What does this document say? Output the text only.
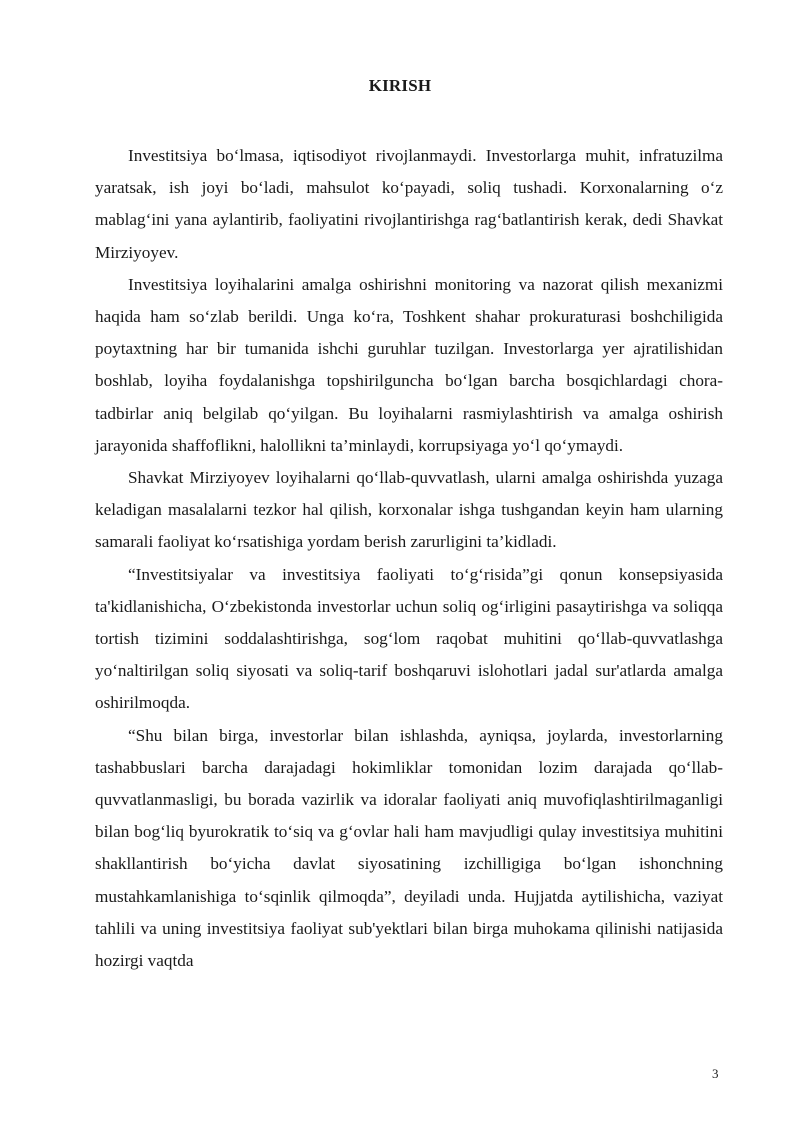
KIRISH

Investitsiya bo‘lmasa, iqtisodiyot rivojlanmaydi. Investorlarga muhit, infratuzilma yaratsak, ish joyi bo‘ladi, mahsulot ko‘payadi, soliq tushadi. Korxonalarning o‘z mablag‘ini yana aylantirib, faoliyatini rivojlantirishga rag‘batlantirish kerak, dedi Shavkat Mirziyoyev.

Investitsiya loyihalarini amalga oshirishni monitoring va nazorat qilish mexanizmi haqida ham so‘zlab berildi. Unga ko‘ra, Toshkent shahar prokuraturasi boshchiligida poytaxtning har bir tumanida ishchi guruhlar tuzilgan. Investorlarga yer ajratilishidan boshlab, loyiha foydalanishga topshirilguncha bo‘lgan barcha bosqichlardagi chora-tadbirlar aniq belgilab qo‘yilgan. Bu loyihalarni rasmiylashtirish va amalga oshirish jarayonida shaffoflikni, halollikni ta’minlaydi, korrupsiyaga yo‘l qo‘ymaydi.

Shavkat Mirziyoyev loyihalarni qo‘llab-quvvatlash, ularni amalga oshirishda yuzaga keladigan masalalarni tezkor hal qilish, korxonalar ishga tushgandan keyin ham ularning samarali faoliyat ko‘rsatishiga yordam berish zarurligini ta’kidladi.

“Investitsiyalar va investitsiya faoliyati to‘g‘risida”gi qonun konsepsiyasida ta'kidlanishicha, O‘zbekistonda investorlar uchun soliq og‘irligini pasaytirishga va soliqqa tortish tizimini soddalashtirishga, sog‘lom raqobat muhitini qo‘llab-quvvatlashga yo‘naltirilgan soliq siyosati va soliq-tarif boshqaruvi islohotlari jadal sur'atlarda amalga oshirilmoqda.

“Shu bilan birga, investorlar bilan ishlashda, ayniqsa, joylarda, investorlarning tashabbuslari barcha darajadagi hokimliklar tomonidan lozim darajada qo‘llab-quvvatlanmasligi, bu borada vazirlik va idoralar faoliyati aniq muvofiqlashtirilmaganligi bilan bog‘liq byurokratik to‘siq va g‘ovlar hali ham mavjudligi qulay investitsiya muhitini shakllantirish bo‘yicha davlat siyosatining izchilligiga bo‘lgan ishonchning mustahkamlanishiga to‘sqinlik qilmoqda”, deyiladi unda. Hujjatda aytilishicha, vaziyat tahlili va uning investitsiya faoliyat sub'yektlari bilan birga muhokama qilinishi natijasida hozirgi vaqtda

3
